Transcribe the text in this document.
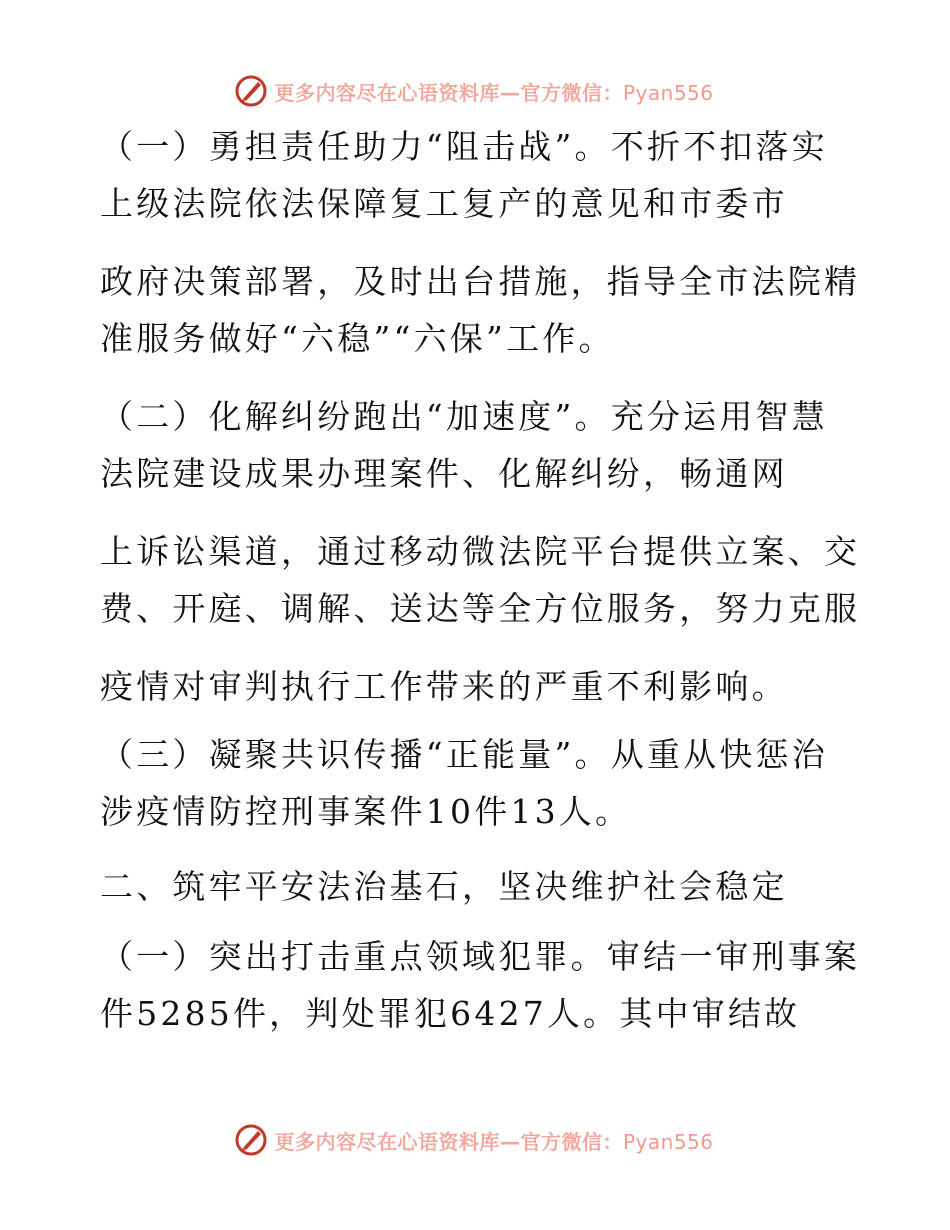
更多内容尽在心语资料库—官方微信：Pyan556
（一）勇担责任助力“阻击战”。不折不扣落实
上级法院依法保障复工复产的意见和市委市
政府决策部署，及时出台措施，指导全市法院精
准服务做好“六稳”“六保”工作。
（二）化解纠纷跑出“加速度”。充分运用智慧
法院建设成果办理案件、化解纠纷，畅通网
上诉讼渠道，通过移动微法院平台提供立案、交
费、开庭、调解、送达等全方位服务，努力克服
疫情对审判执行工作带来的严重不利影响。
（三）凝聚共识传播“正能量”。从重从快惩治
涉疫情防控刑事案件10件13人。
二、筑牢平安法治基石，坚决维护社会稳定
（一）突出打击重点领域犯罪。审结一审刑事案
件5285件，判处罪犯6427人。其中审结故
更多内容尽在心语资料库—官方微信：Pyan556
